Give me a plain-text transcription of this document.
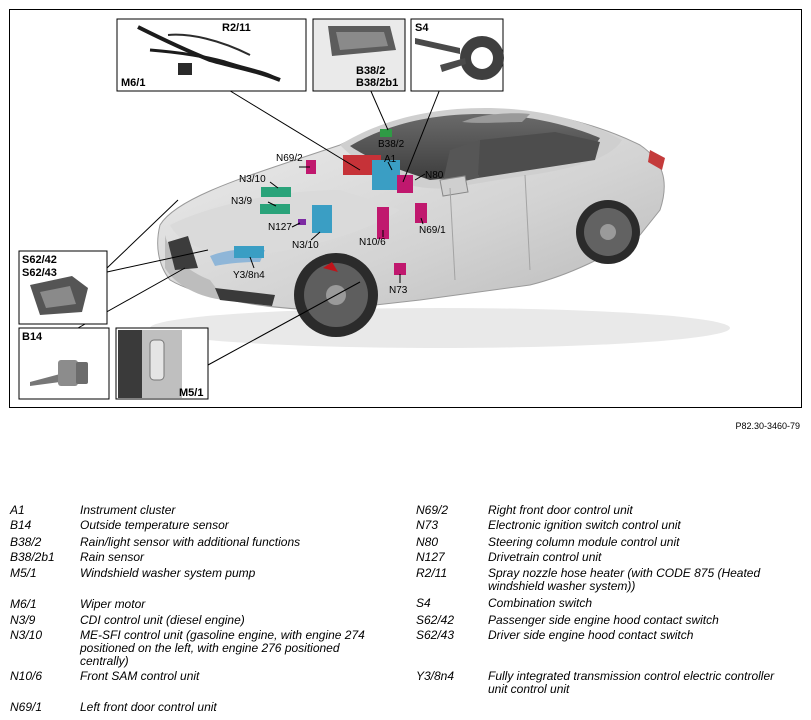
R2/11
M6/1
B38/2
B38/2b1
S4
S62/42
S62/43
B14
M5/1
B38/2
N69/2	A1
N80
N3/10
N3/9
N127
N3/10
Y3/8n4
N10/6
N69/1
N73
P82.30-3460-79
A1	Instrument cluster
B14	Outside temperature sensor
B38/2	Rain/light sensor with additional functions
B38/2b1 Rain sensor
M5/1	Windshield washer system pump
M6/1	Wiper motor
N3/9	CDI control unit (diesel engine)
N3/10	ME-SFI control unit (gasoline engine, with engine 274
positioned on the left, with engine 276 positioned
centrally)
N10/6	Front SAM control unit
N69/1	Left front door control unit
N69/2	Right front door control unit
N73	Electronic ignition switch control unit
N80	Steering column module control unit
N127	Drivetrain control unit
R2/11	Spray nozzle hose heater (with CODE 875 (Heated
windshield washer system))
S4	Combination switch
S62/42	Passenger side engine hood contact switch
S62/43	Driver side engine hood contact switch
Y3/8n4	Fully integrated transmission control electric controller
unit control unit
